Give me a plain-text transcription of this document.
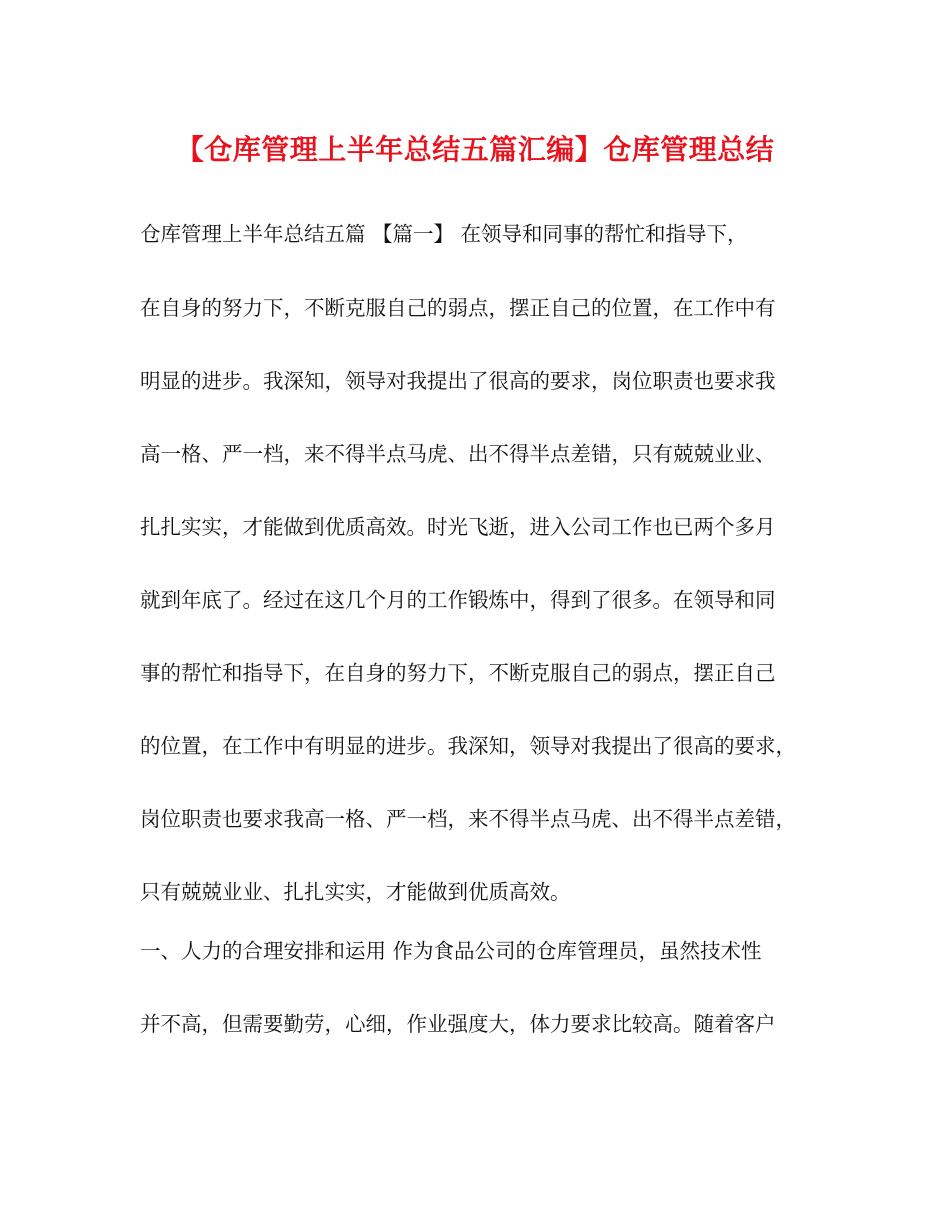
【仓库管理上半年总结五篇汇编】仓库管理总结
仓库管理上半年总结五篇 【篇一】 在领导和同事的帮忙和指导下，
在自身的努力下，不断克服自己的弱点，摆正自己的位置，在工作中有
明显的进步。我深知，领导对我提出了很高的要求，岗位职责也要求我
高一格、严一档，来不得半点马虎、出不得半点差错，只有兢兢业业、
扎扎实实，才能做到优质高效。时光飞逝，进入公司工作也已两个多月
就到年底了。经过在这几个月的工作锻炼中，得到了很多。在领导和同
事的帮忙和指导下，在自身的努力下，不断克服自己的弱点，摆正自己
的位置，在工作中有明显的进步。我深知，领导对我提出了很高的要求，
岗位职责也要求我高一格、严一档，来不得半点马虎、出不得半点差错，
只有兢兢业业、扎扎实实，才能做到优质高效。
一、人力的合理安排和运用 作为食品公司的仓库管理员，虽然技术性
并不高，但需要勤劳，心细，作业强度大，体力要求比较高。随着客户
